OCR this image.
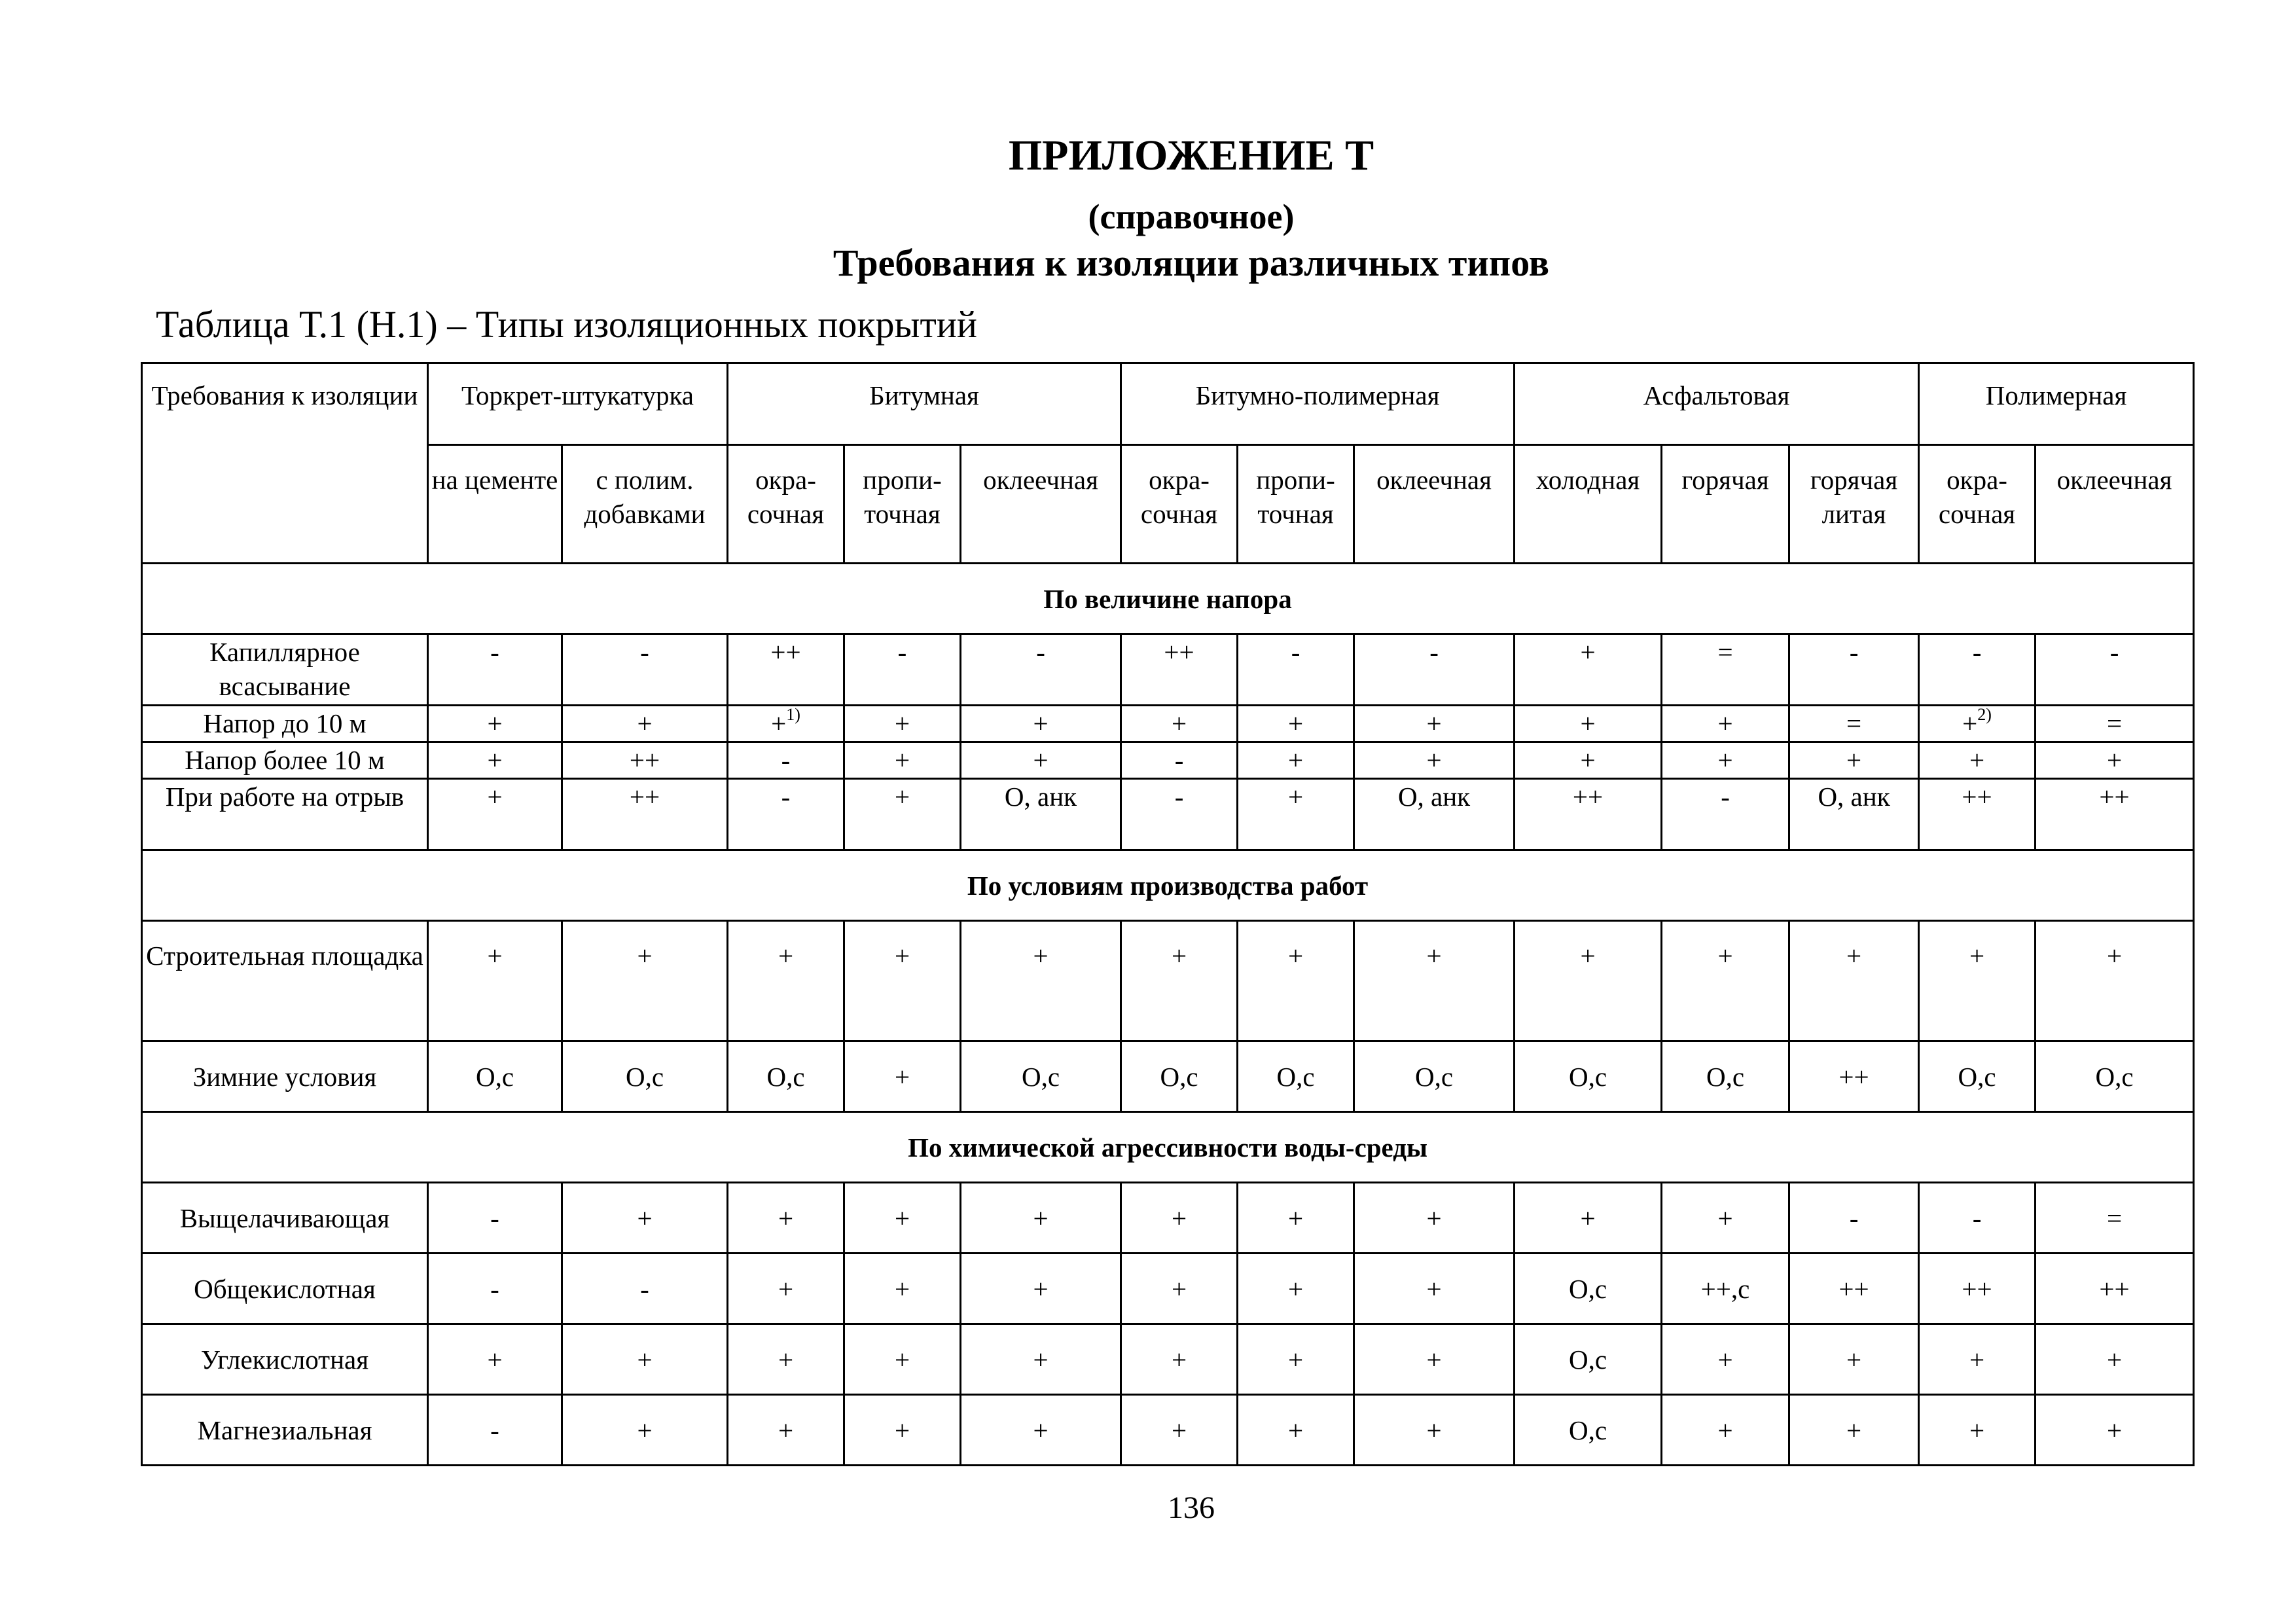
ПРИЛОЖЕНИЕ Т
(справочное)
Требования к изоляции различных типов
Таблица Т.1 (Н.1) – Типы изоляционных покрытий
Требования к изоляции	Торкрет-штукатурка		Битумная			Битумно-полимерная			Асфальтовая			Полимерная	
	на цементе	с полим. добавками	окра-сочная	пропи-точная	оклеечная	окра-сочная	пропи-точная	оклеечная	холодная	горячая	горячая литая	окра-сочная	оклеечная
По величине напора													
Капиллярное всасывание	-	-	++	-	-	++	-	-	+	=	-	-	-
Напор до 10 м	+	+	+$^{1)}$	+	+	+	+	+	+	+	=	+$^{2)}$	=
Напор более 10 м	+	++	-	+	+	-	+	+	+	+	+	+	+
При работе на отрыв	+	++	-	+	О, анк	-	+	О, анк	++	-	О, анк	++	++
По условиям производства работ													
Строительная площадка	+	+	+	+	+	+	+	+	+	+	+	+	+
Зимние условия	О,с	О,с	О,с	+	О,с	О,с	О,с	О,с	О,с	О,с	++	О,с	О,с
По химической агрессивности воды-среды													
Выщелачивающая	-	+	+	+	+	+	+	+	+	+	-	-	=
Общекислотная	-	-	+	+	+	+	+	+	О,с	++,с	++	++	++
Углекислотная	+	+	+	+	+	+	+	+	О,с	+	+	+	+
Магнезиальная	-	+	+	+	+	+	+	+	О,с	+	+	+	+
136
